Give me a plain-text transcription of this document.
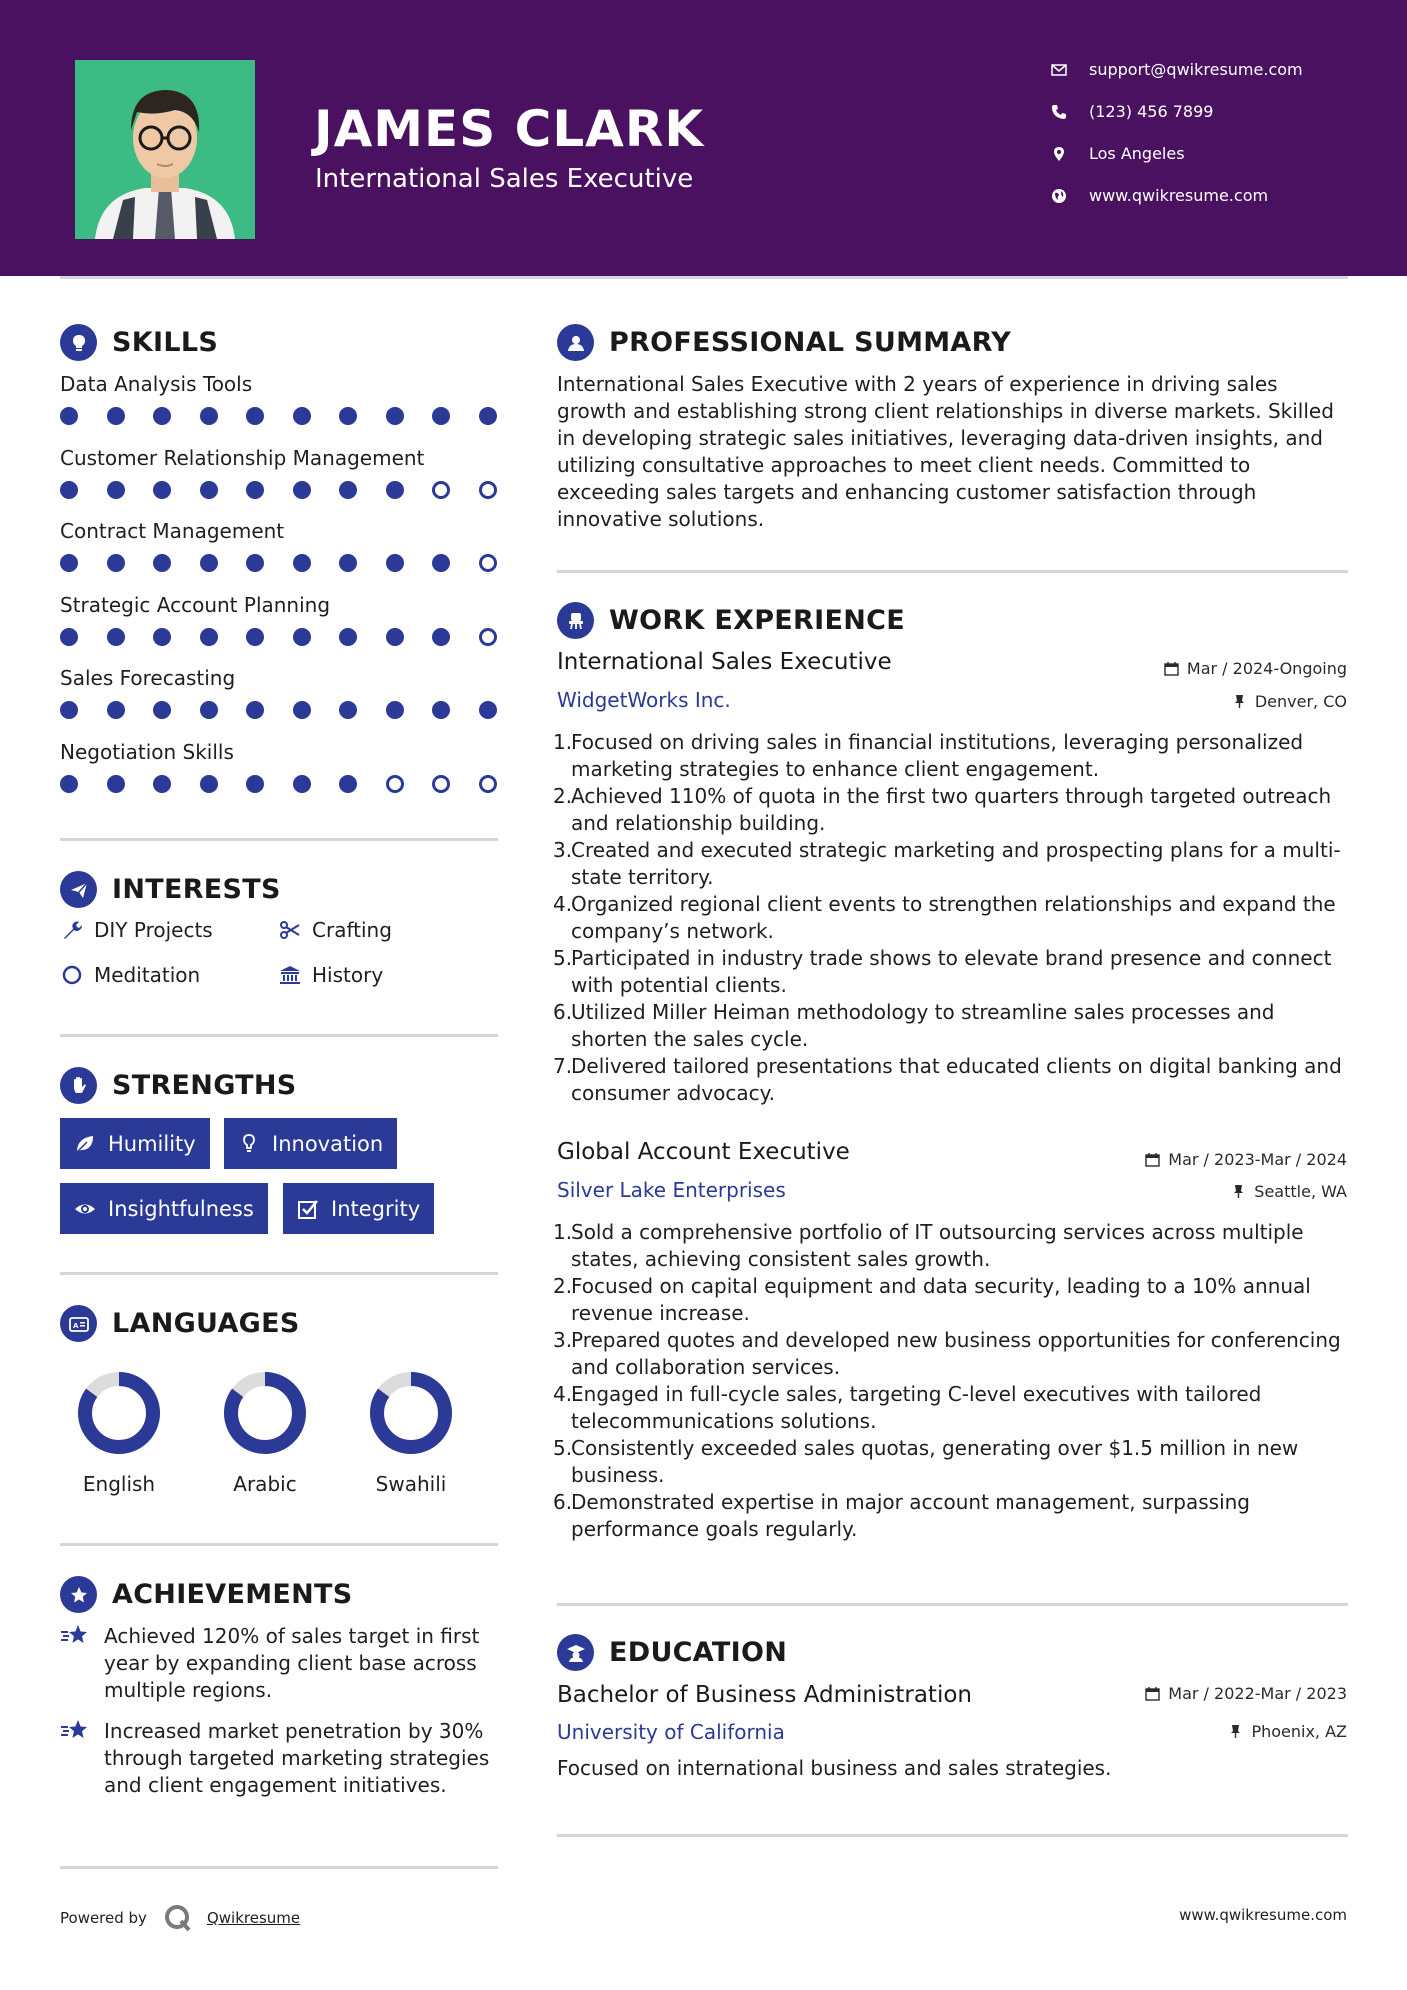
JAMES CLARK
International Sales Executive
support@qwikresume.com
(123) 456 7899
Los Angeles
www.qwikresume.com
SKILLS
Data Analysis Tools
Customer Relationship Management
Contract Management
Strategic Account Planning
Sales Forecasting
Negotiation Skills
INTERESTS
DIY Projects	Crafting
Meditation	History
STRENGTHS
Humility	Innovation
Insightfulness	Integrity
A LANGUAGES
English	Arabic	Swahili
ACHIEVEMENTS
Achieved 120% of sales target in first year by expanding client base across multiple regions.
Increased market penetration by 30% through targeted marketing strategies and client engagement initiatives.
PROFESSIONAL SUMMARY
International Sales Executive with 2 years of experience in driving sales growth and establishing strong client relationships in diverse markets. Skilled in developing strategic sales initiatives, leveraging data-driven insights, and utilizing consultative approaches to meet client needs. Committed to exceeding sales targets and enhancing customer satisfaction through innovative solutions.
WORK EXPERIENCE
International Sales Executive	Mar / 2024-Ongoing
WidgetWorks Inc.	Denver, CO
1.
Focused on driving sales in financial institutions, leveraging personalized marketing strategies to enhance client engagement.
2.
Achieved 110% of quota in the first two quarters through targeted outreach and relationship building.
3.
Created and executed strategic marketing and prospecting plans for a multi-state territory.
4.
Organized regional client events to strengthen relationships and expand the company’s network.
5.
Participated in industry trade shows to elevate brand presence and connect with potential clients.
6.
Utilized Miller Heiman methodology to streamline sales processes and shorten the sales cycle.
7.
Delivered tailored presentations that educated clients on digital banking and consumer advocacy.
Global Account Executive	Mar / 2023-Mar / 2024
Silver Lake Enterprises	Seattle, WA
1.
Sold a comprehensive portfolio of IT outsourcing services across multiple states, achieving consistent sales growth.
2.
Focused on capital equipment and data security, leading to a 10% annual revenue increase.
3.
Prepared quotes and developed new business opportunities for conferencing and collaboration services.
4.
Engaged in full-cycle sales, targeting C-level executives with tailored telecommunications solutions.
5.
Consistently exceeded sales quotas, generating over $1.5 million in new business.
6.
Demonstrated expertise in major account management, surpassing performance goals regularly.
EDUCATION
Bachelor of Business Administration	Mar / 2022-Mar / 2023
University of California	Phoenix, AZ
Focused on international business and sales strategies.
Powered by	Qwikresume	www.qwikresume.com
